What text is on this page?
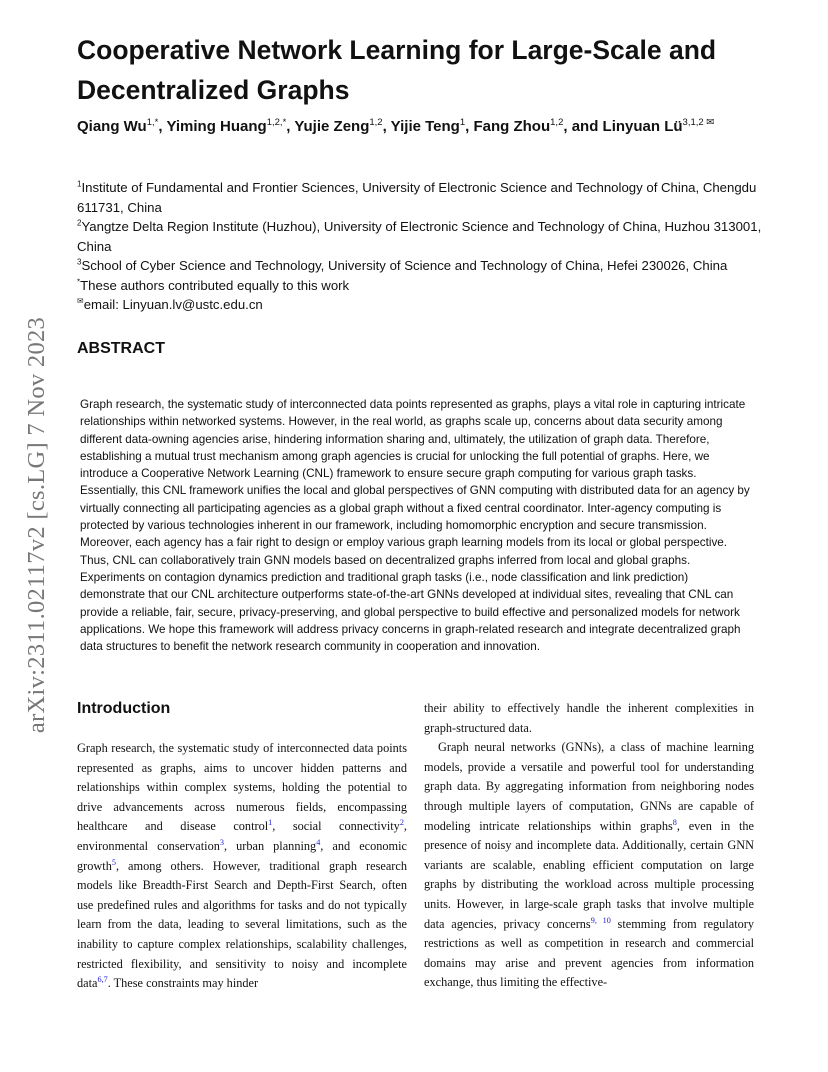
arXiv:2311.02117v2 [cs.LG] 7 Nov 2023
Cooperative Network Learning for Large-Scale and Decentralized Graphs
Qiang $Wu^{1,*}$, Yiming Huang$^{1,2,*}$, Yujie Zeng$^{1,2}$, Yijie Teng$^1$, Fang Zhou$^{1,2}$, and Linyuan $Lü^{3,1,2 ✉}$

$^1$Institute of Fundamental and Frontier Sciences, University of Electronic Science and Technology of China, Chengdu 611731, China

$^2$Yangtze Delta Region Institute (Huzhou), University of Electronic Science and Technology of China, Huzhou 313001, China

$^3$School of Cyber Science and Technology, University of Science and Technology of China, Hefei 230026, China

*These authors contributed equally to this work

✉email: Linyuan.lv@ustc.edu.cn

ABSTRACT

Graph research, the systematic study of interconnected data points represented as graphs, plays a vital role in capturing intricate relationships within networked systems. However, in the real world, as graphs scale up, concerns about data security among different data-owning agencies arise, hindering information sharing and, ultimately, the utilization of graph data. Therefore, establishing a mutual trust mechanism among graph agencies is crucial for unlocking the full potential of graphs. Here, we introduce a Cooperative Network Learning (CNL) framework to ensure secure graph computing for various graph tasks. Essentially, this CNL framework unifies the local and global perspectives of GNN computing with distributed data for an agency by virtually connecting all participating agencies as a global graph without a fixed central coordinator. Inter-agency computing is protected by various technologies inherent in our framework, including homomorphic encryption and secure transmission. Moreover, each agency has a fair right to design or employ various graph learning models from its local or global perspective. Thus, CNL can collaboratively train GNN models based on decentralized graphs inferred from local and global graphs. Experiments on contagion dynamics prediction and traditional graph tasks (i.e., node classification and link prediction) demonstrate that our CNL architecture outperforms state-of-the-art GNNs developed at individual sites, revealing that CNL can provide a reliable, fair, secure, privacy-preserving, and global perspective to build effective and personalized models for network applications. We hope this framework will address privacy concerns in graph-related research and integrate decentralized graph data structures to benefit the network research community in cooperation and innovation.

Introduction

Graph research, the systematic study of interconnected data points represented as graphs, aims to uncover hidden patterns and relationships within complex systems, holding the potential to drive advancements across numerous fields, encompassing healthcare and disease control$^1$, social connectivity$^2$, environmental conservation$^3$, urban planning$^4$, and economic growth$^5$, among others. However, traditional graph research models like Breadth-First Search and Depth-First Search, often use predefined rules and algorithms for tasks and do not typically learn from the data, leading to several limitations, such as the inability to capture complex relationships, scalability challenges, restricted flexibility, and sensitivity to noisy and incomplete data$^{6,7}$. These constraints may hinder

their ability to effectively handle the inherent complexities in graph-structured data.

Graph neural networks (GNNs), a class of machine learning models, provide a versatile and powerful tool for understanding graph data. By aggregating information from neighboring nodes through multiple layers of computation, GNNs are capable of modeling intricate relationships within graphs$^8$, even in the presence of noisy and incomplete data. Additionally, certain GNN variants are scalable, enabling efficient computation on large graphs by distributing the workload across multiple processing units. However, in large-scale graph tasks that involve multiple data agencies, privacy concerns$^{9, 10}$ stemming from regulatory restrictions as well as competition in research and commercial domains may arise and prevent agencies from information exchange, thus limiting the effective-
